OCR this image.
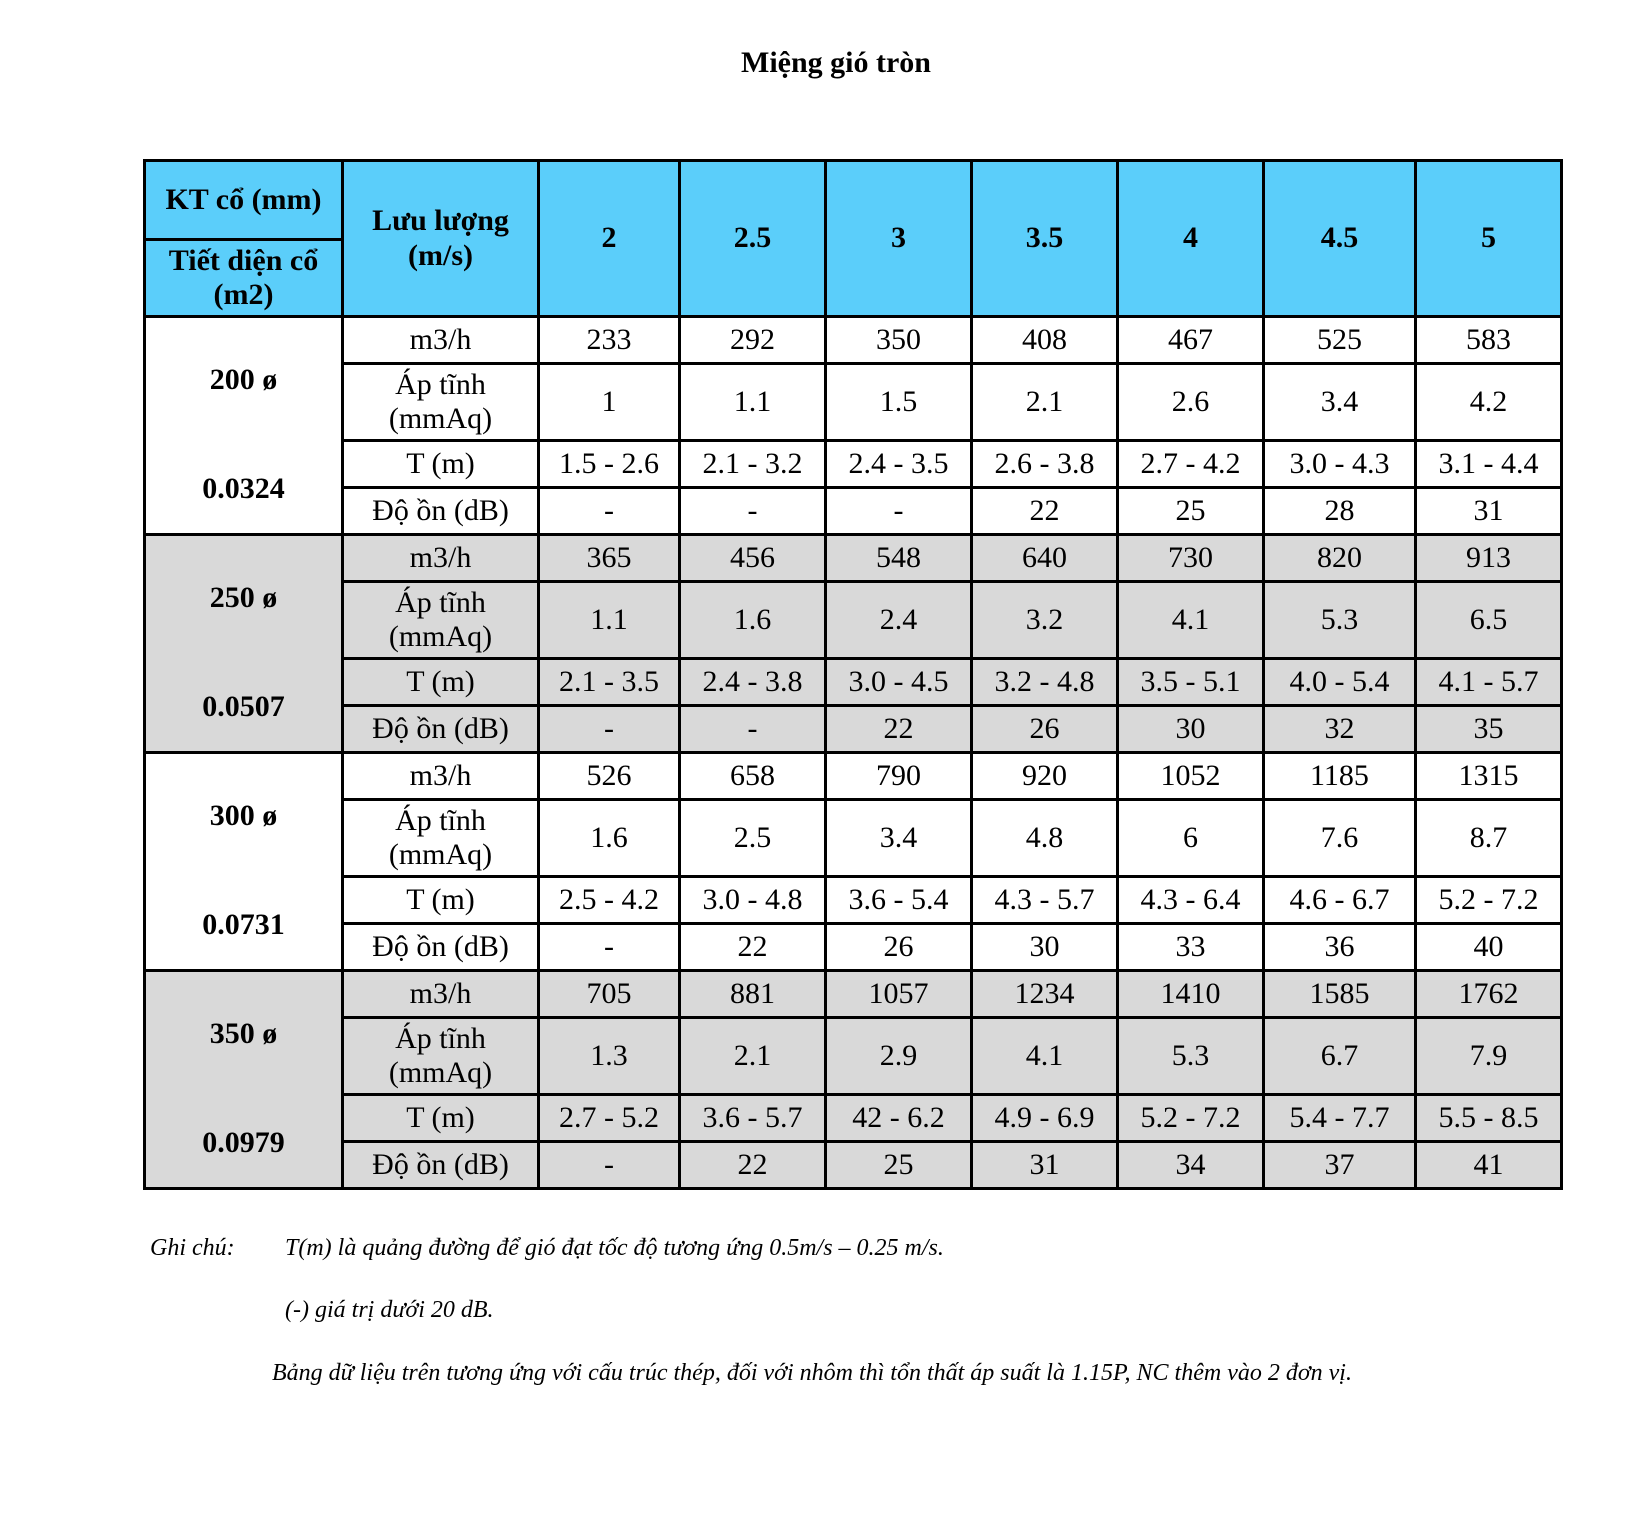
Miệng gió tròn
KT cổ (mm)
Tiết diện cổ (m2)	Lưu lượng (m/s)	2	2.5	3	3.5	4	4.5	5

200 ø
0.0324	m3/h	233	292	350	408	467	525	583
	Áp tĩnh (mmAq)	1	1.1	1.5	2.1	2.6	3.4	4.2
	T (m)	1.5 - 2.6	2.1 - 3.2	2.4 - 3.5	2.6 - 3.8	2.7 - 4.2	3.0 - 4.3	3.1 - 4.4
	Độ ồn (dB)	-	-	-	22	25	28	31

250 ø
0.0507	m3/h	365	456	548	640	730	820	913
	Áp tĩnh (mmAq)	1.1	1.6	2.4	3.2	4.1	5.3	6.5
	T (m)	2.1 - 3.5	2.4 - 3.8	3.0 - 4.5	3.2 - 4.8	3.5 - 5.1	4.0 - 5.4	4.1 - 5.7
	Độ ồn (dB)	-	-	22	26	30	32	35

300 ø
0.0731	m3/h	526	658	790	920	1052	1185	1315
	Áp tĩnh (mmAq)	1.6	2.5	3.4	4.8	6	7.6	8.7
	T (m)	2.5 - 4.2	3.0 - 4.8	3.6 - 5.4	4.3 - 5.7	4.3 - 6.4	4.6 - 6.7	5.2 - 7.2
	Độ ồn (dB)	-	22	26	30	33	36	40

350 ø
0.0979	m3/h	705	881	1057	1234	1410	1585	1762
	Áp tĩnh (mmAq)	1.3	2.1	2.9	4.1	5.3	6.7	7.9
	T (m)	2.7 - 5.2	3.6 - 5.7	42 - 6.2	4.9 - 6.9	5.2 - 7.2	5.4 - 7.7	5.5 - 8.5
	Độ ồn (dB)	-	22	25	31	34	37	41
Ghi chú: T(m) là quảng đường để gió đạt tốc độ tương ứng 0.5m/s – 0.25 m/s.
(-) giá trị dưới 20 dB.
Bảng dữ liệu trên tương ứng với cấu trúc thép, đối với nhôm thì tổn thất áp suất là 1.15P, NC thêm vào 2 đơn vị.
